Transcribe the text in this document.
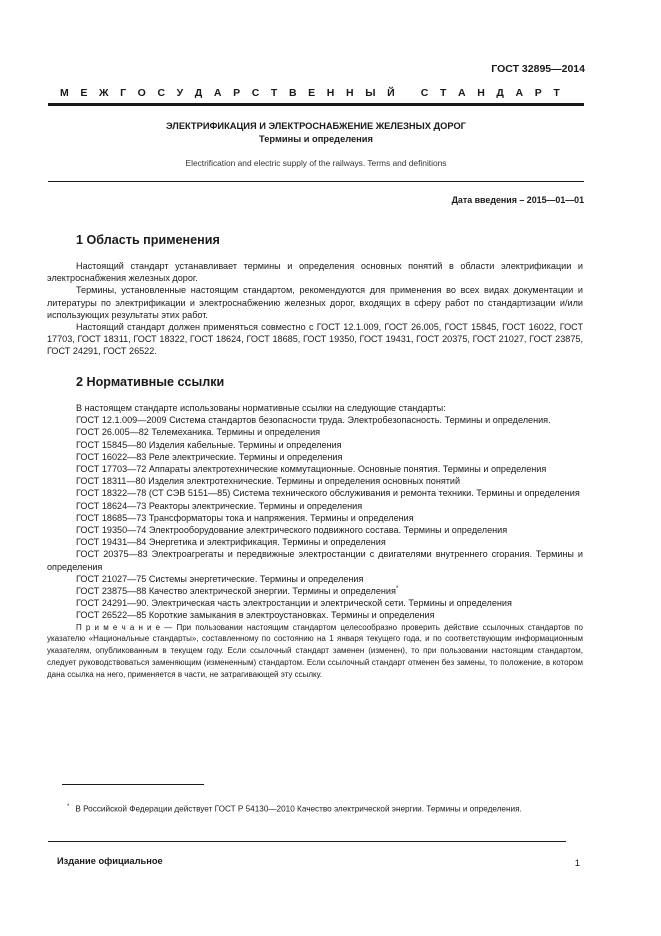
ГОСТ 32895—2014
М Е Ж Г О С У Д А Р С Т В Е Н Н Ы Й
С Т А Н Д А Р Т
ЭЛЕКТРИФИКАЦИЯ И ЭЛЕКТРОСНАБЖЕНИЕ ЖЕЛЕЗНЫХ ДОРОГ
Термины и определения
Electrification and electric supply of the railways. Terms and definitions
Дата введения – 2015—01—01
1 Область применения

Настоящий стандарт устанавливает термины и определения основных понятий в области электрификации и электроснабжения железных дорог.

Термины, установленные настоящим стандартом, рекомендуются для применения во всех видах документации и литературы по электрификации и электроснабжению железных дорог, входящих в сферу работ по стандартизации и/или использующих результаты этих работ.

Настоящий стандарт должен применяться совместно с ГОСТ 12.1.009, ГОСТ 26.005, ГОСТ 15845, ГОСТ 16022, ГОСТ 17703, ГОСТ 18311, ГОСТ 18322, ГОСТ 18624, ГОСТ 18685, ГОСТ 19350, ГОСТ 19431, ГОСТ 20375, ГОСТ 21027, ГОСТ 23875, ГОСТ 24291, ГОСТ 26522.

2 Нормативные ссылки

В настоящем стандарте использованы нормативные ссылки на следующие стандарты:

ГОСТ 12.1.009—2009 Система стандартов безопасности труда. Электробезопасность. Термины и определения.

ГОСТ 26.005—82 Телемеханика. Термины и определения

ГОСТ 15845—80 Изделия кабельные. Термины и определения

ГОСТ 16022—83 Реле электрические. Термины и определения

ГОСТ 17703—72 Аппараты электротехнические коммутационные. Основные понятия. Термины и определения

ГОСТ 18311—80 Изделия электротехнические. Термины и определения основных понятий

ГОСТ 18322—78 (СТ СЭВ 5151—85) Система технического обслуживания и ремонта техники. Термины и определения

ГОСТ 18624—73 Реакторы электрические. Термины и определения

ГОСТ 18685—73 Трансформаторы тока и напряжения. Термины и определения

ГОСТ 19350—74 Электрооборудование электрического подвижного состава. Термины и определения

ГОСТ 19431—84 Энергетика и электрификация. Термины и определения

ГОСТ 20375—83 Электроагрегаты и передвижные электростанции с двигателями внутреннего сгорания. Термины и определения

ГОСТ 21027—75 Системы энергетические. Термины и определения

ГОСТ 23875—88 Качество электрической энергии. Термины и определения*

ГОСТ 24291—90. Электрическая часть электростанции и электрической сети. Термины и определения

ГОСТ 26522—85 Короткие замыкания в электроустановках. Термины и определения

П р и м е ч а н и е — При пользовании настоящим стандартом целесообразно проверить действие ссылочных стандартов по указателю «Национальные стандарты», составленному по состоянию на 1 января текущего года, и по соответствующим информационным указателям, опубликованным в текущем году. Если ссылочный стандарт заменен (изменен), то при пользовании настоящим стандартом, следует руководствоваться заменяющим (измененным) стандартом. Если ссылочный стандарт отменен без замены, то положение, в котором дана ссылка на него, применяется в части, не затрагивающей эту ссылку.

* В Российской Федерации действует ГОСТ Р 54130—2010 Качество электрической энергии. Термины и определения.
Издание официальное	1
